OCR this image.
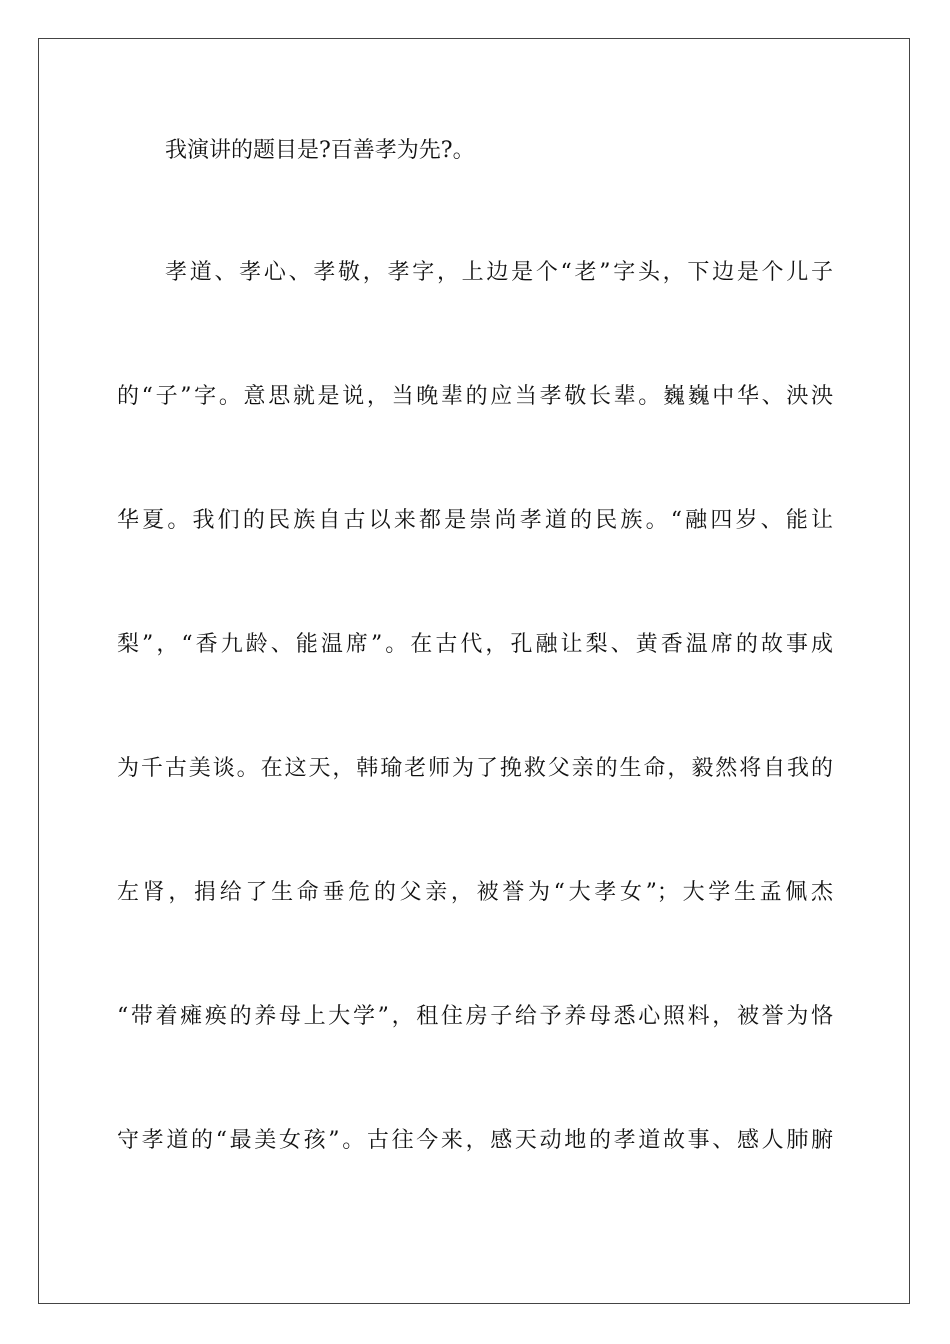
我演讲的题目是?百善孝为先?。
孝道、孝心、孝敬，孝字，上边是个“老”字头，下边是个儿子
的“子”字。意思就是说，当晚辈的应当孝敬长辈。巍巍中华、泱泱
华夏。我们的民族自古以来都是崇尚孝道的民族。“融四岁、能让
梨”，“香九龄、能温席”。在古代，孔融让梨、黄香温席的故事成
为千古美谈。在这天，韩瑜老师为了挽救父亲的生命，毅然将自我的
左肾，捐给了生命垂危的父亲，被誉为“大孝女”；大学生孟佩杰
“带着瘫痪的养母上大学”，租住房子给予养母悉心照料，被誉为恪
守孝道的“最美女孩”。古往今来，感天动地的孝道故事、感人肺腑
